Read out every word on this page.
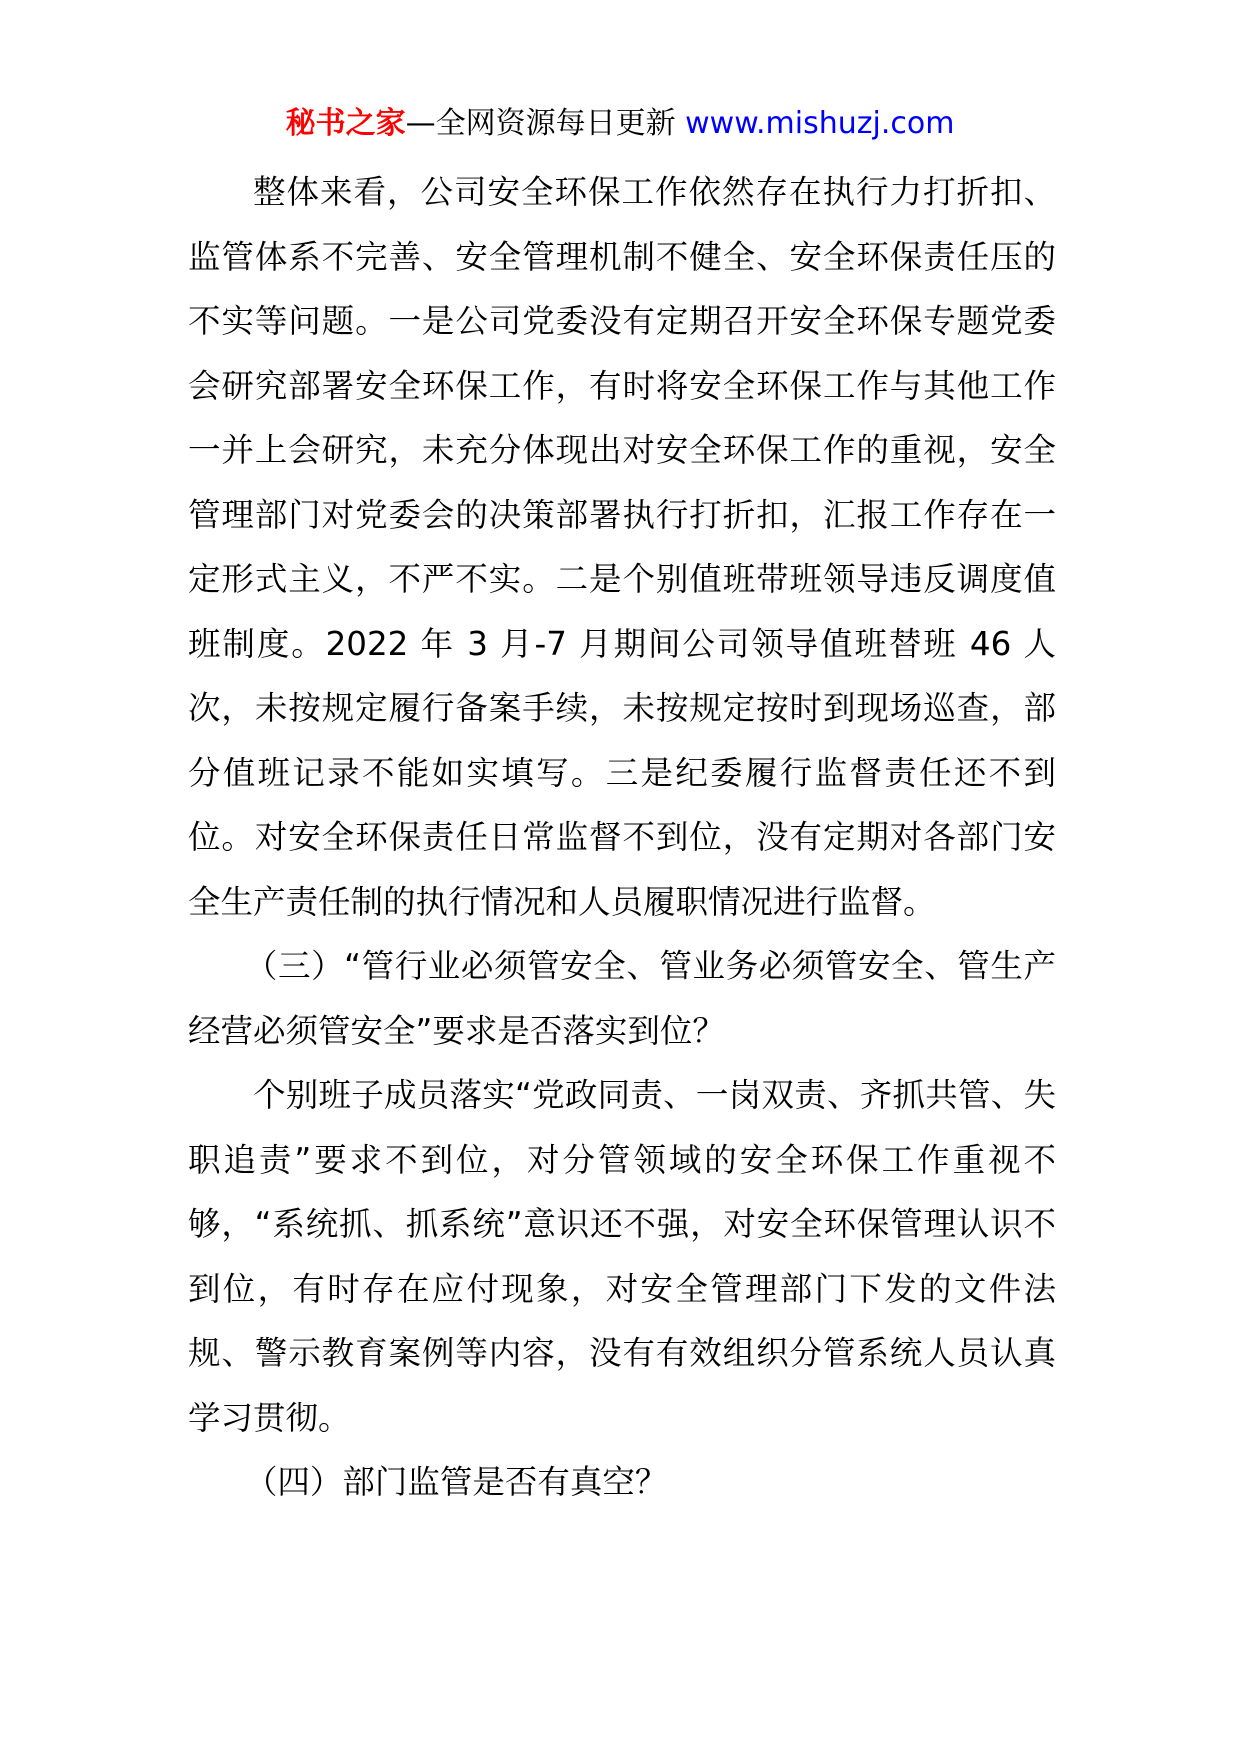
秘书之家—全网资源每日更新 www.mishuzj.com

整体来看，公司安全环保工作依然存在执行力打折扣、监管体系不完善、安全管理机制不健全、安全环保责任压的不实等问题。一是公司党委没有定期召开安全环保专题党委会研究部署安全环保工作，有时将安全环保工作与其他工作一并上会研究，未充分体现出对安全环保工作的重视，安全管理部门对党委会的决策部署执行打折扣，汇报工作存在一定形式主义，不严不实。二是个别值班带班领导违反调度值班制度。2022 年 3 月-7 月期间公司领导值班替班 46 人次，未按规定履行备案手续，未按规定按时到现场巡查，部分值班记录不能如实填写。三是纪委履行监督责任还不到位。对安全环保责任日常监督不到位，没有定期对各部门安全生产责任制的执行情况和人员履职情况进行监督。

（三）“管行业必须管安全、管业务必须管安全、管生产经营必须管安全”要求是否落实到位？

个别班子成员落实“党政同责、一岗双责、齐抓共管、失职追责”要求不到位，对分管领域的安全环保工作重视不够，“系统抓、抓系统”意识还不强，对安全环保管理认识不到位，有时存在应付现象，对安全管理部门下发的文件法规、警示教育案例等内容，没有有效组织分管系统人员认真学习贯彻。

（四）部门监管是否有真空？
